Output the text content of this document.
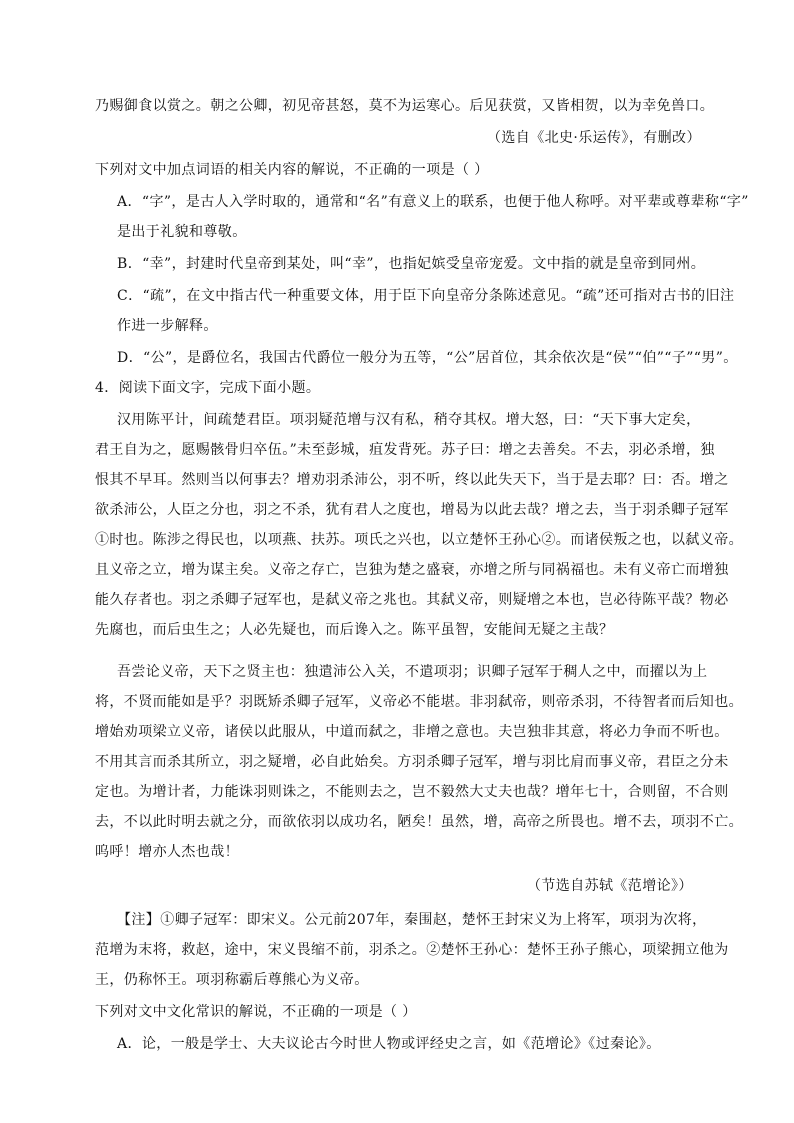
乃赐御食以赏之。朝之公卿，初见帝甚怒，莫不为运寒心。后见获赏，又皆相贺，以为幸免兽口。
（选自《北史·乐运传》，有删改）
下列对文中加点词语的相关内容的解说，不正确的一项是（ ）
A．“字”，是古人入学时取的，通常和“名”有意义上的联系，也便于他人称呼。对平辈或尊辈称“字”
是出于礼貌和尊敬。
B．“幸”，封建时代皇帝到某处，叫“幸”，也指妃嫔受皇帝宠爱。文中指的就是皇帝到同州。
C．“疏”，在文中指古代一种重要文体，用于臣下向皇帝分条陈述意见。“疏”还可指对古书的旧注
作进一步解释。
D．“公”，是爵位名，我国古代爵位一般分为五等，“公”居首位，其余依次是“侯”“伯”“子”“男”。
4．阅读下面文字，完成下面小题。
汉用陈平计，间疏楚君臣。项羽疑范增与汉有私，稍夺其权。增大怒，曰：“天下事大定矣，
君王自为之，愿赐骸骨归卒伍。”未至彭城，疽发背死。苏子曰：增之去善矣。不去，羽必杀增，独
恨其不早耳。然则当以何事去？增劝羽杀沛公，羽不听，终以此失天下，当于是去耶？曰：否。增之
欲杀沛公，人臣之分也，羽之不杀，犹有君人之度也，增曷为以此去哉？增之去，当于羽杀卿子冠军
①时也。陈涉之得民也，以项燕、扶苏。项氏之兴也，以立楚怀王孙心②。而诸侯叛之也，以弑义帝。
且义帝之立，增为谋主矣。义帝之存亡，岂独为楚之盛衰，亦增之所与同祸福也。未有义帝亡而增独
能久存者也。羽之杀卿子冠军也，是弑义帝之兆也。其弑义帝，则疑增之本也，岂必待陈平哉？物必
先腐也，而后虫生之；人必先疑也，而后谗入之。陈平虽智，安能间无疑之主哉？
吾尝论义帝，天下之贤主也：独遣沛公入关，不遣项羽；识卿子冠军于稠人之中，而擢以为上
将，不贤而能如是乎？羽既矫杀卿子冠军，义帝必不能堪。非羽弑帝，则帝杀羽，不待智者而后知也。
增始劝项梁立义帝，诸侯以此服从，中道而弑之，非增之意也。夫岂独非其意，将必力争而不听也。
不用其言而杀其所立，羽之疑增，必自此始矣。方羽杀卿子冠军，增与羽比肩而事义帝，君臣之分未
定也。为增计者，力能诛羽则诛之，不能则去之，岂不毅然大丈夫也哉？增年七十，合则留，不合则
去，不以此时明去就之分，而欲依羽以成功名，陋矣！虽然，增，高帝之所畏也。增不去，项羽不亡。
呜呼！增亦人杰也哉！
（节选自苏轼《范增论》）
【注】①卿子冠军：即宋义。公元前207年，秦围赵，楚怀王封宋义为上将军，项羽为次将，
范增为末将，救赵，途中，宋义畏缩不前，羽杀之。②楚怀王孙心：楚怀王孙子熊心，项梁拥立他为
王，仍称怀王。项羽称霸后尊熊心为义帝。
下列对文中文化常识的解说，不正确的一项是（ ）
A．论，一般是学士、大夫议论古今时世人物或评经史之言，如《范增论》《过秦论》。
